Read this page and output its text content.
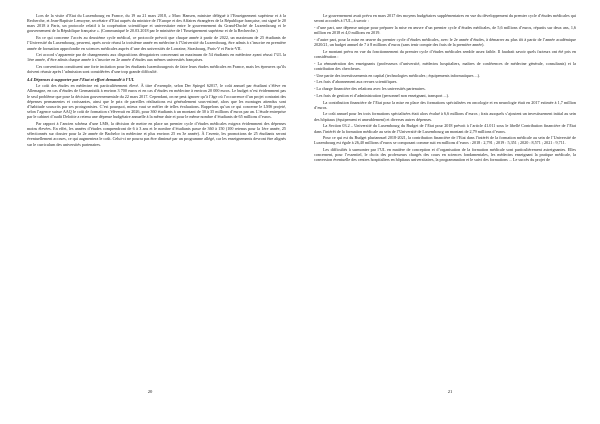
Lors de la visite d’Etat du Luxembourg en France, du 19 au 21 mars 2018, « Marc Hansen, ministre délégué à l’Enseignement supérieur et à la Recherche, et Jean-Baptiste Lemoyne, secrétaire d’Etat auprès du ministre de l’Europe et des Affaires étrangères de la République française, ont signé le 20 mars 2018 à Paris, un protocole relatif à la coopération scientifique et universitaire entre le gouvernement du Grand-Duché de Luxembourg et le gouvernement de la République française ». (Communiqué le 20.03.2018 par le ministère de l’Enseignement supérieur et de la Recherche.)

En ce qui concerne l’accès au deuxième cycle médical, ce protocole prévoit que chaque année à partir de 2022, un maximum de 25 étudiants de l’Université du Luxembourg, peuvent, après avoir réussi la troisième année en médecine à l’Université du Luxembourg, être admis à s’inscrire en première année de formation approfondie en sciences médicales auprès d’une des universités de Lorraine, Strasbourg, Paris-V et Paris-VII.

Cet accord s’apparente par de changements aux dispositions dérogatoires concernant un maximum de 54 étudiants en médecine ayant réussi l’UL la 1ère année, d’être admis chaque année à s’inscrire en 2e année d’études aux mêmes universités françaises.

Ces conventions constituent une forte incitation pour les étudiants luxembourgeois de faire leurs études médicales en France, mais les épreuves qu’ils doivent réussir après l’admission sont considérées d’une trop grande difficulté.

4.4 Dépenses à supporter par l’Etat et effort demandé à l’UL

Le coût des études en médecine est particulièrement élevé. À titre d’exemple, selon Der Spiegel 62017, le coût annuel par étudiant s’élève en Allemagne, en cas d’études de Germanistik à environ 3 700 euros et en cas d’études en médecine à environ 20 000 euros. Le budget n’est évidemment pas le seul problème que pose la décision gouvernementale du 22 mars 2017. Cependant, on ne peut ignorer qu’à l’âge où l’occurrence d’un projet contraint des dépenses permanentes et croissantes, ainsi que le prix de pareilles réalisations est généralement sous-estimé, alors que les montages attendus sont d’habitude souscrits par ses protagonistes. C’est pourquoi, mieux vaut se méfier de telles évaluations. Rappelons qu’un ce qui concerne le LMS projeté, selon l’agence suisse AAQ le coût de formation s’élèverait en 2026, pour 360 étudiants à un montant de 30 à 35 millions d’euros par an. L’étude entreprise par le cabinet d’audit Deloitte a retenu une dépense budgétaire annuelle à la même date et pour le même nombre d’étudiants de 65 millions d’euros.

Par rapport à l’ancien schéma d’une LMS, la décision de mettre en place un premier cycle d’études médicales exigera évidemment des dépenses moins élevées. En effet, les années d’études comprendront de 6 à 3 ans et le nombre d’étudiants passe de 360 à 150 (100 retenus pour la 1ère année, 25 sélectionnés sur dossier pour la 2e année de Bachelor in médecine et plus environ 25 en 3e année). À l’avenir, les promotions de 25 étudiants seront éventuellement accrues, ce qui augmentera le coût. Celui-ci ne pourra pas être diminué par un programme allégé, car les enseignements devront être alignés sur le curriculum des universités partenaires.

20

Le gouvernement avait prévu en mars 2017 des moyens budgétaires supplémentaires en vue du développement du premier cycle d’études médicales qui seront accordés à l’UL, à savoir :

- d’une part, une dépense unique pour préparer la mise en œuvre d’un premier cycle d’études médicales, de 5,6 millions d’euros, répartis sur deux ans, 1,6 million en 2018 et 4,0 millions en 2019.

- d’autre part, pour la mise en œuvre du premier cycle d’études médicales, avec le 2e année d’études, à démarrer au plus tôt à partir de l’année académique 2020/21, un budget annuel de 7 à 8 millions d’euros (sans tenir compte des frais de la première année).

Le montant prévu en vue du fonctionnement du premier cycle d’études médicales semble assez faible. Il faudrait savoir quels facteurs ont été pris en considération :

- La rémunération des enseignants (professeurs d’université, médecins hospitaliers, maîtres de conférences de médecine générale, consultants) et la contribution des chercheurs.

- Une partie des investissements en capital (technologies médicales ; équipements informatiques ...).

- Les frais d’abonnement aux revues scientifiques.

- La charge financière des relations avec les universités partenaires.

- Les frais de gestion et d’administration (personnel non enseignant, transport ...).

La contribution financière de l’Etat pour la mise en place des formations spécialisées en oncologie et en neurologie était en 2017 estimée à 1,7 million d’euros.

Le coût annuel pour les trois formations spécialisées était alors évalué à 6,6 millions d’euros ; frais auxquels s’ajoutent un investissement initial au sein des hôpitaux (équipement et ameublement) et diverses autres dépenses.

La Section 03.2 – Université du Luxembourg du Budget de l’Etat pour 2018 prévoit à l’article 41.011 sous le libellé Contribution financière de l’Etat dans l’intérêt de la formation médicale au sein de l’Université de Luxembourg un montant de 2,79 millions d’euros.

Pour ce qui est du Budget pluriannuel 2018-2021, la contribution financière de l’Etat dans l’intérêt de la formation médicale au sein de l’Université de Luxembourg est égale à 26,40 millions d’euros se composant comme suit en millions d’euros : 2018 : 2,791 ; 2019 : 5,351 ; 2020 : 8,571 ; 2021 : 9,711.

Les difficultés à surmonter par l’UL en matière de conception et d’organisation de la formation médicale sont particulièrement astreignantes. Elles concernent, pour l’essentiel, le choix des professeurs chargés des cours en sciences fondamentales, les médecins enseignant la pratique médicale, la conversion éventuelle des centres hospitaliers en hôpitaux universitaires, la programmation et le suivi des formations ... Le succès du projet de

21
